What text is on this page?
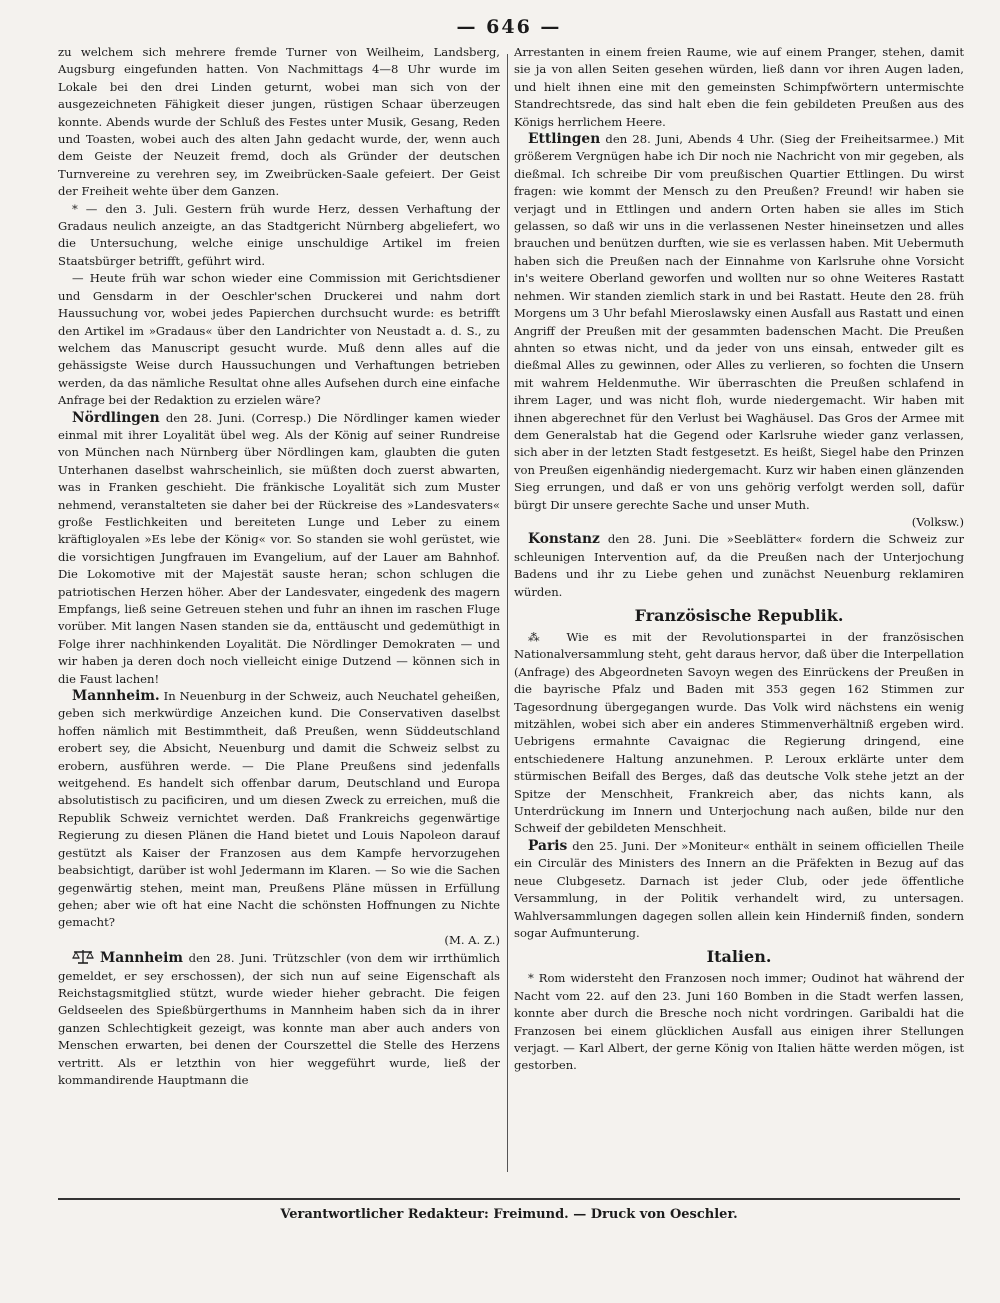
— 646 —

zu welchem sich mehrere fremde Turner von Weilheim, Landsberg, Augsburg eingefunden hatten. Von Nachmittags 4—8 Uhr wurde im Lokale bei den drei Linden geturnt, wobei man sich von der ausgezeichneten Fähigkeit dieser jungen, rüstigen Schaar überzeugen konnte. Abends wurde der Schluß des Festes unter Musik, Gesang, Reden und Toasten, wobei auch des alten Jahn gedacht wurde, der, wenn auch dem Geiste der Neuzeit fremd, doch als Gründer der deutschen Turnvereine zu verehren sey, im Zweibrücken-Saale gefeiert. Der Geist der Freiheit wehte über dem Ganzen.

* — den 3. Juli. Gestern früh wurde Herz, dessen Verhaftung der Gradaus neulich anzeigte, an das Stadtgericht Nürnberg abgeliefert, wo die Untersuchung, welche einige unschuldige Artikel im freien Staatsbürger betrifft, geführt wird.

— Heute früh war schon wieder eine Commission mit Gerichtsdiener und Gensdarm in der Oeschler'schen Druckerei und nahm dort Haussuchung vor, wobei jedes Papierchen durchsucht wurde: es betrifft den Artikel im »Gradaus« über den Landrichter von Neustadt a. d. S., zu welchem das Manuscript gesucht wurde. Muß denn alles auf die gehässigste Weise durch Haussuchungen und Verhaftungen betrieben werden, da das nämliche Resultat ohne alles Aufsehen durch eine einfache Anfrage bei der Redaktion zu erzielen wäre?

Nördlingen den 28. Juni. (Corresp.) Die Nördlinger kamen wieder einmal mit ihrer Loyalität übel weg. Als der König auf seiner Rundreise von München nach Nürnberg über Nördlingen kam, glaubten die guten Unterhanen daselbst wahrscheinlich, sie müßten doch zuerst abwarten, was in Franken geschieht. Die fränkische Loyalität sich zum Muster nehmend, veranstalteten sie daher bei der Rückreise des »Landesvaters« große Festlichkeiten und bereiteten Lunge und Leber zu einem kräftigloyalen »Es lebe der König« vor. So standen sie wohl gerüstet, wie die vorsichtigen Jungfrauen im Evangelium, auf der Lauer am Bahnhof. Die Lokomotive mit der Majestät sauste heran; schon schlugen die patriotischen Herzen höher. Aber der Landesvater, eingedenk des magern Empfangs, ließ seine Getreuen stehen und fuhr an ihnen im raschen Fluge vorüber. Mit langen Nasen standen sie da, enttäuscht und gedemüthigt in Folge ihrer nachhinkenden Loyalität. Die Nördlinger Demokraten — und wir haben ja deren doch noch vielleicht einige Dutzend — können sich in die Faust lachen!

Mannheim. In Neuenburg in der Schweiz, auch Neuchatel geheißen, geben sich merkwürdige Anzeichen kund. Die Conservativen daselbst hoffen nämlich mit Bestimmtheit, daß Preußen, wenn Süddeutschland erobert sey, die Absicht, Neuenburg und damit die Schweiz selbst zu erobern, ausführen werde. — Die Plane Preußens sind jedenfalls weitgehend. Es handelt sich offenbar darum, Deutschland und Europa absolutistisch zu pacificiren, und um diesen Zweck zu erreichen, muß die Republik Schweiz vernichtet werden. Daß Frankreichs gegenwärtige Regierung zu diesen Plänen die Hand bietet und Louis Napoleon darauf gestützt als Kaiser der Franzosen aus dem Kampfe hervorzugehen beabsichtigt, darüber ist wohl Jedermann im Klaren. — So wie die Sachen gegenwärtig stehen, meint man, Preußens Pläne müssen in Erfüllung gehen; aber wie oft hat eine Nacht die schönsten Hoffnungen zu Nichte gemacht?

(M. A. Z.)

Mannheim den 28. Juni. Trützschler (von dem wir irrthümlich gemeldet, er sey erschossen), der sich nun auf seine Eigenschaft als Reichstagsmitglied stützt, wurde wieder hieher gebracht. Die feigen Geldseelen des Spießbürgerthums in Mannheim haben sich da in ihrer ganzen Schlechtigkeit gezeigt, was konnte man aber auch anders von Menschen erwarten, bei denen der Courszettel die Stelle des Herzens vertritt. Als er letzthin von hier weggeführt wurde, ließ der kommandirende Hauptmann die

Arrestanten in einem freien Raume, wie auf einem Pranger, stehen, damit sie ja von allen Seiten gesehen würden, ließ dann vor ihren Augen laden, und hielt ihnen eine mit den gemeinsten Schimpfwörtern untermischte Standrechtsrede, das sind halt eben die fein gebildeten Preußen aus des Königs herrlichem Heere.

Ettlingen den 28. Juni, Abends 4 Uhr. (Sieg der Freiheitsarmee.) Mit größerem Vergnügen habe ich Dir noch nie Nachricht von mir gegeben, als dießmal. Ich schreibe Dir vom preußischen Quartier Ettlingen. Du wirst fragen: wie kommt der Mensch zu den Preußen? Freund! wir haben sie verjagt und in Ettlingen und andern Orten haben sie alles im Stich gelassen, so daß wir uns in die verlassenen Nester hineinsetzen und alles brauchen und benützen durften, wie sie es verlassen haben. Mit Uebermuth haben sich die Preußen nach der Einnahme von Karlsruhe ohne Vorsicht in's weitere Oberland geworfen und wollten nur so ohne Weiteres Rastatt nehmen. Wir standen ziemlich stark in und bei Rastatt. Heute den 28. früh Morgens um 3 Uhr befahl Mieroslawsky einen Ausfall aus Rastatt und einen Angriff der Preußen mit der gesammten badenschen Macht. Die Preußen ahnten so etwas nicht, und da jeder von uns einsah, entweder gilt es dießmal Alles zu gewinnen, oder Alles zu verlieren, so fochten die Unsern mit wahrem Heldenmuthe. Wir überraschten die Preußen schlafend in ihrem Lager, und was nicht floh, wurde niedergemacht. Wir haben mit ihnen abgerechnet für den Verlust bei Waghäusel. Das Gros der Armee mit dem Generalstab hat die Gegend oder Karlsruhe wieder ganz verlassen, sich aber in der letzten Stadt festgesetzt. Es heißt, Siegel habe den Prinzen von Preußen eigenhändig niedergemacht. Kurz wir haben einen glänzenden Sieg errungen, und daß er von uns gehörig verfolgt werden soll, dafür bürgt Dir unsere gerechte Sache und unser Muth.

(Volksw.)

Konstanz den 28. Juni. Die »Seeblätter« fordern die Schweiz zur schleunigen Intervention auf, da die Preußen nach der Unterjochung Badens und ihr zu Liebe gehen und zunächst Neuenburg reklamiren würden.

Französische Republik.

⁂ Wie es mit der Revolutionspartei in der französischen Nationalversammlung steht, geht daraus hervor, daß über die Interpellation (Anfrage) des Abgeordneten Savoyn wegen des Einrückens der Preußen in die bayrische Pfalz und Baden mit 353 gegen 162 Stimmen zur Tagesordnung übergegangen wurde. Das Volk wird nächstens ein wenig mitzählen, wobei sich aber ein anderes Stimmenverhältniß ergeben wird. Uebrigens ermahnte Cavaignac die Regierung dringend, eine entschiedenere Haltung anzunehmen. P. Leroux erklärte unter dem stürmischen Beifall des Berges, daß das deutsche Volk stehe jetzt an der Spitze der Menschheit, Frankreich aber, das nichts kann, als Unterdrückung im Innern und Unterjochung nach außen, bilde nur den Schweif der gebildeten Menschheit.

Paris den 25. Juni. Der »Moniteur« enthält in seinem officiellen Theile ein Circulär des Ministers des Innern an die Präfekten in Bezug auf das neue Clubgesetz. Darnach ist jeder Club, oder jede öffentliche Versammlung, in der Politik verhandelt wird, zu untersagen. Wahlversammlungen dagegen sollen allein kein Hinderniß finden, sondern sogar Aufmunterung.

Italien.

* Rom widersteht den Franzosen noch immer; Oudinot hat während der Nacht vom 22. auf den 23. Juni 160 Bomben in die Stadt werfen lassen, konnte aber durch die Bresche noch nicht vordringen. Garibaldi hat die Franzosen bei einem glücklichen Ausfall aus einigen ihrer Stellungen verjagt. — Karl Albert, der gerne König von Italien hätte werden mögen, ist gestorben.

Verantwortlicher Redakteur: Freimund. — Druck von Oeschler.
